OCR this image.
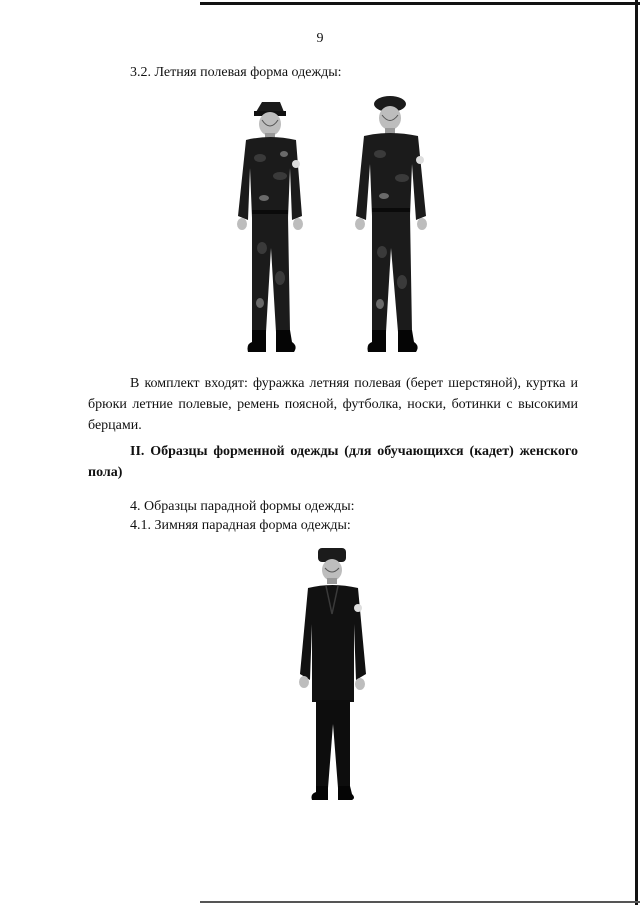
9
3.2. Летняя полевая форма одежды:
В комплект входят: фуражка летняя полевая (берет шерстяной), куртка и брюки летние полевые, ремень поясной, футболка, носки, ботинки с высокими берцами.
II. Образцы форменной одежды (для обучающихся (кадет) женского пола)
4. Образцы парадной формы одежды:
4.1. Зимняя парадная форма одежды:
